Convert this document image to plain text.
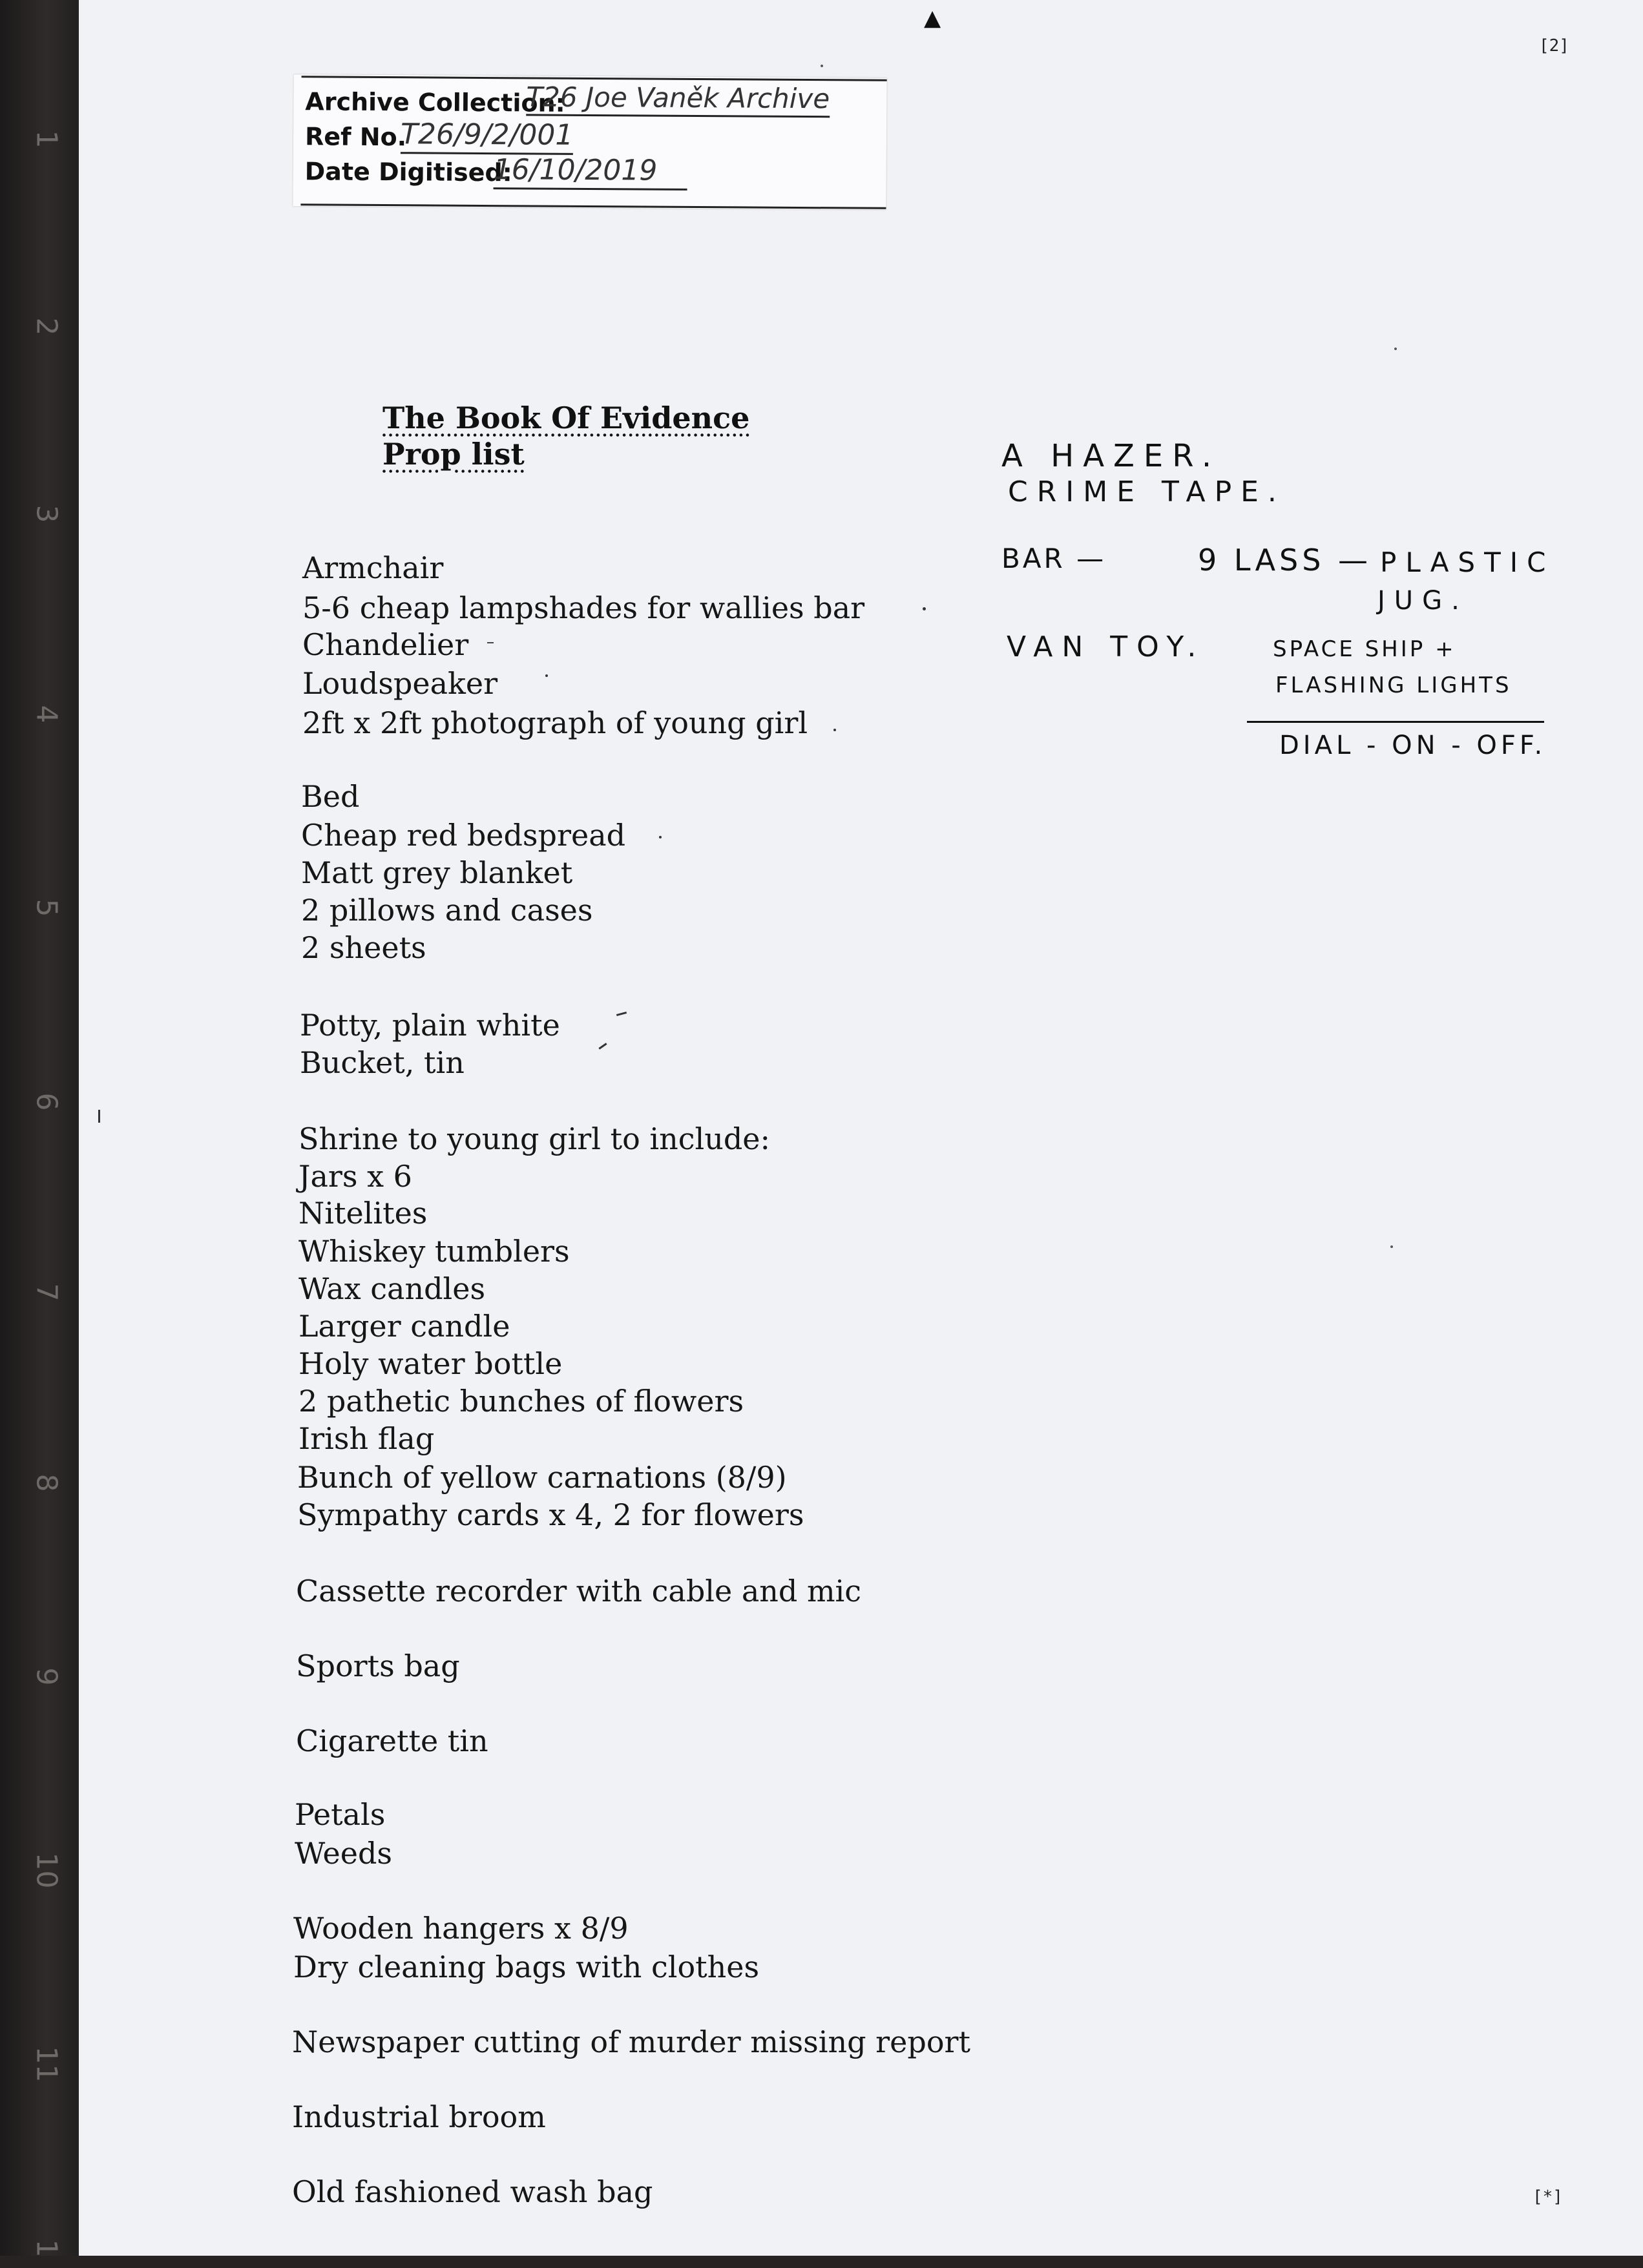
1
2
3
4
5
6
7
8
9
10
11
1
▲
[2]
[*]
Archive Collection:
T26 Joe Vaněk Archive
Ref No.
T26/9/2/001
Date Digitised:
16/10/2019
The Book Of Evidence
Prop list
Armchair
5-6 cheap lampshades for wallies bar
Chandelier
Loudspeaker
2ft x 2ft photograph of young girl
Bed
Cheap red bedspread
Matt grey blanket
2 pillows and cases
2 sheets
Potty, plain white
Bucket, tin
Shrine to young girl to include:
Jars x 6
Nitelites
Whiskey tumblers
Wax candles
Larger candle
Holy water bottle
2 pathetic bunches of flowers
Irish flag
Bunch of yellow carnations (8/9)
Sympathy cards x 4, 2 for flowers
Cassette recorder with cable and mic
Sports bag
Cigarette tin
Petals
Weeds
Wooden hangers x 8/9
Dry cleaning bags with clothes
Newspaper cutting of murder missing report
Industrial broom
Old fashioned wash bag
A HAZER.
CRIME TAPE.
BAR —	9 LASS — PLASTIC
JUG.
VAN TOY.	SPACE SHIP +
FLASHING LIGHTS
DIAL - ON - OFF.
